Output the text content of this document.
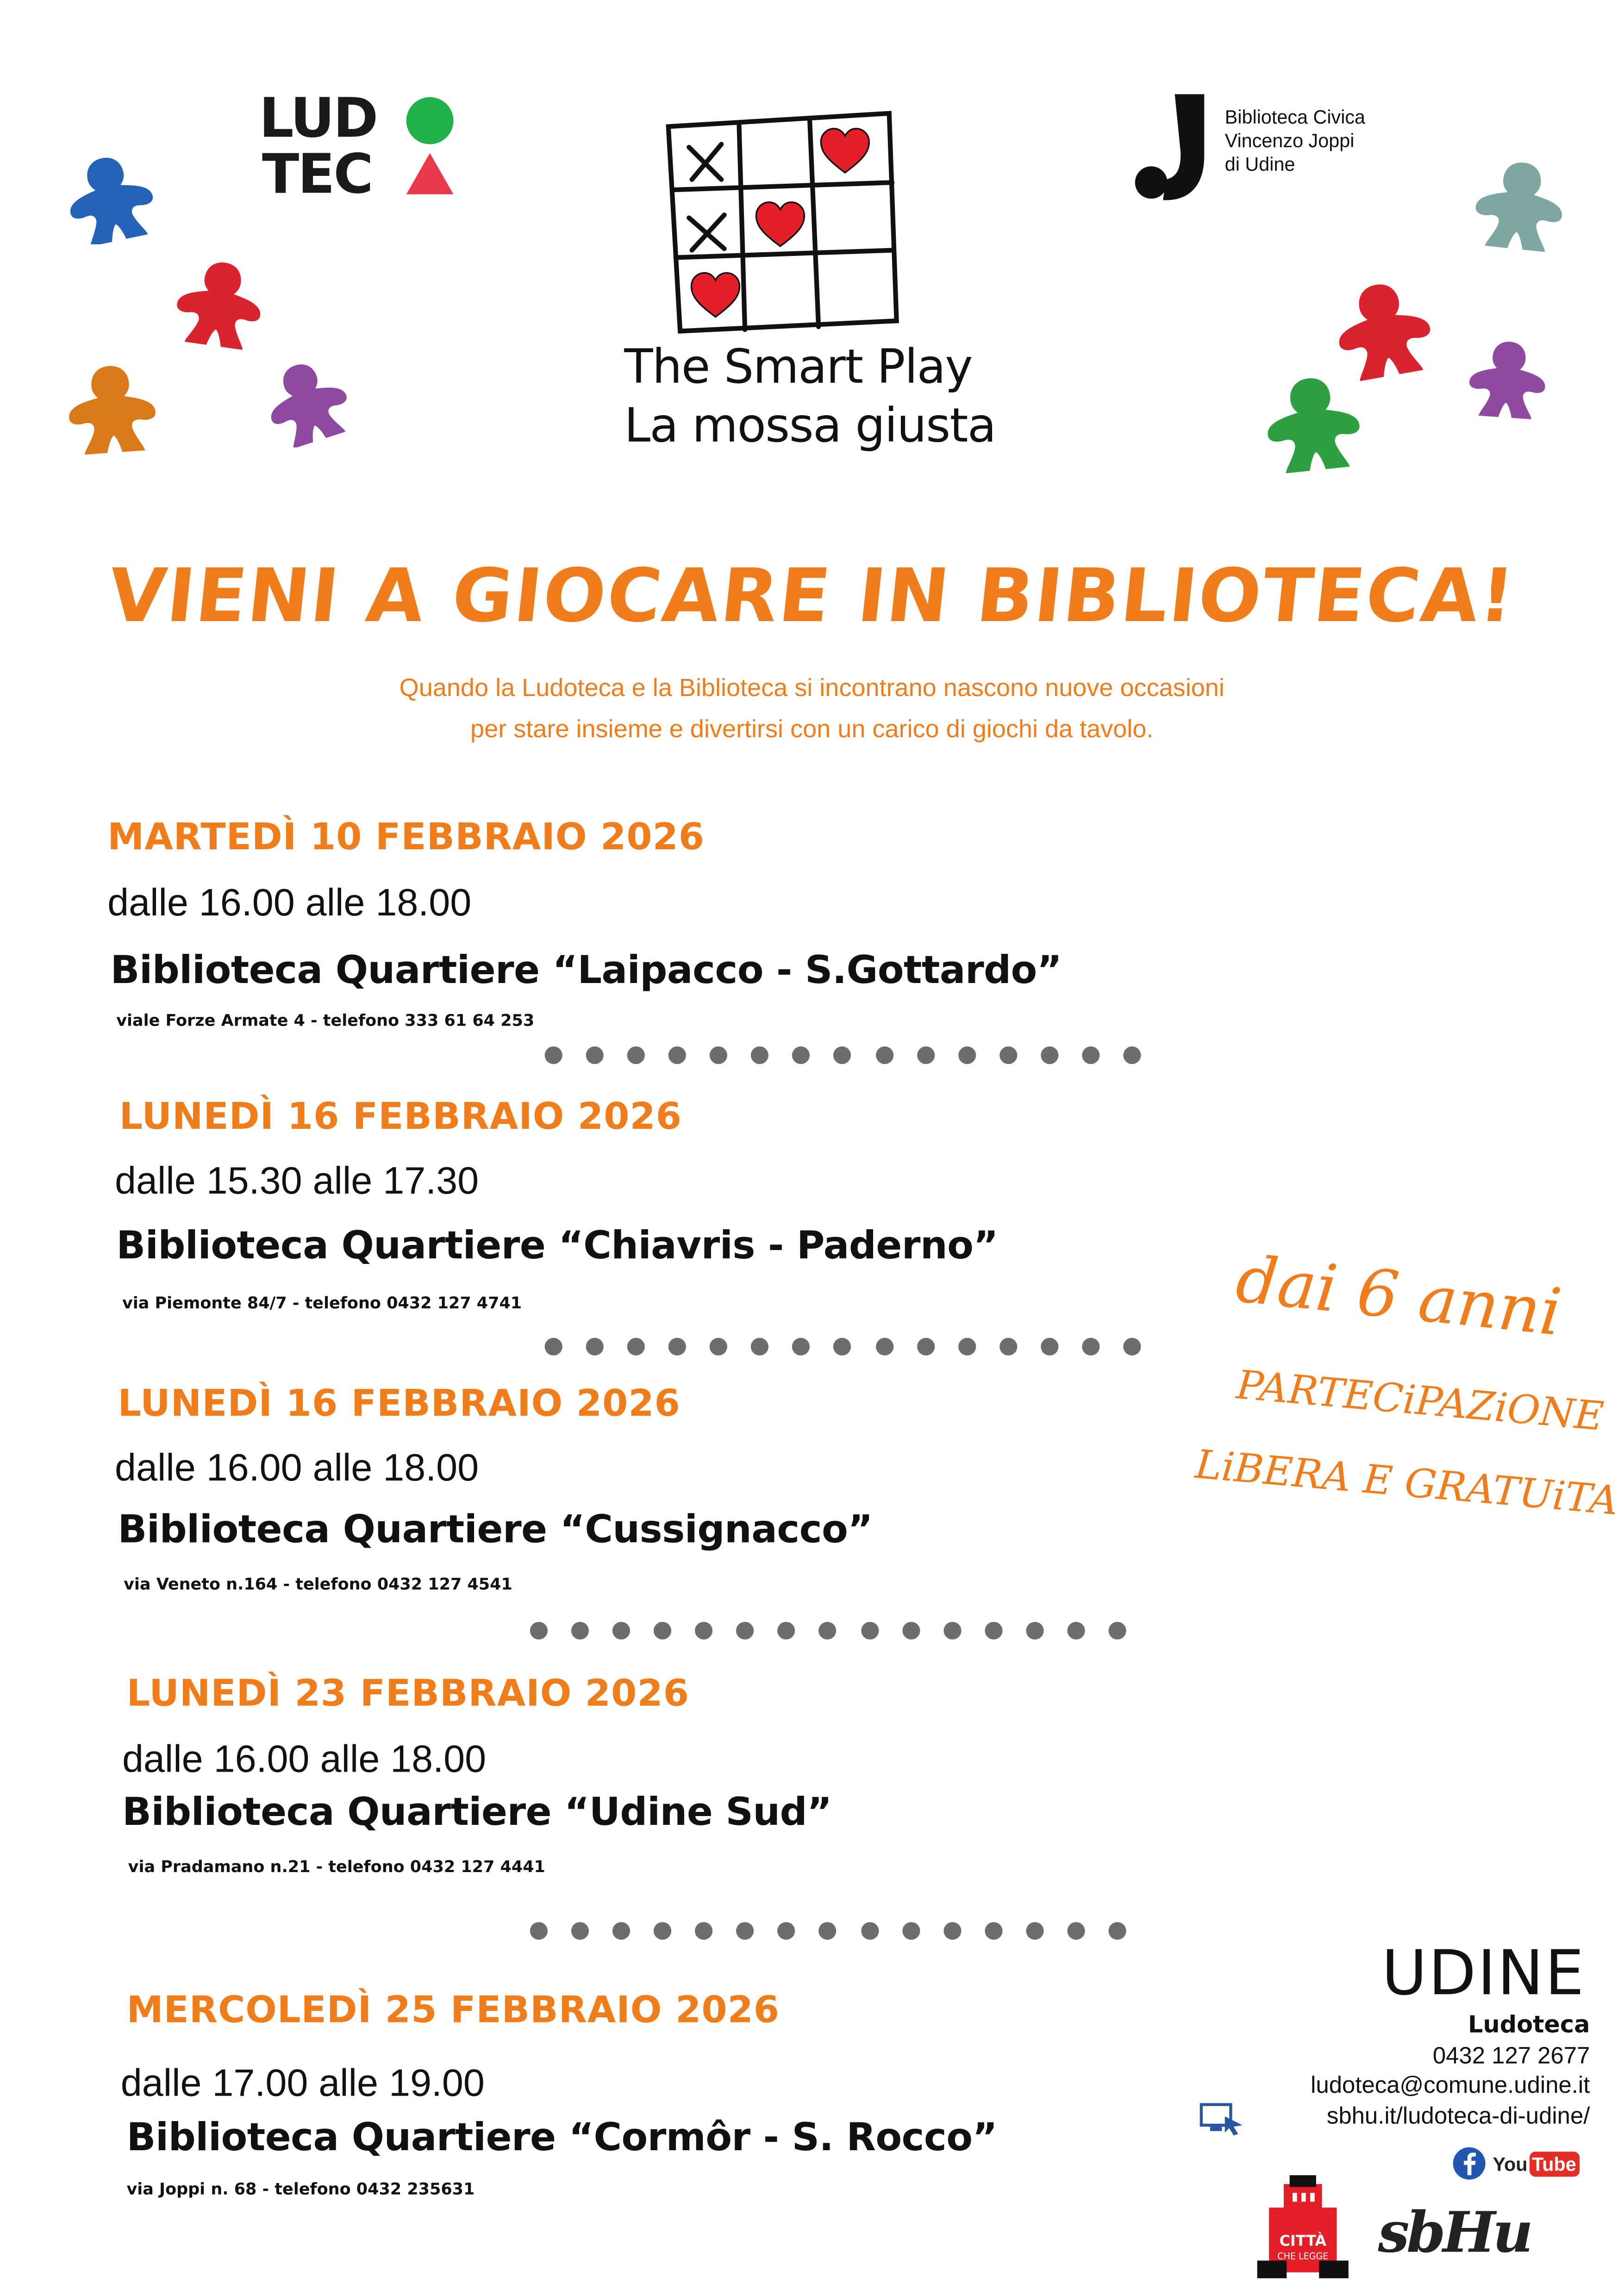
LUD
TEC
The Smart Play
La mossa giusta
Biblioteca Civica
Vincenzo Joppi
di Udine
VIENI A GIOCARE IN BIBLIOTECA!
Quando la Ludoteca e la Biblioteca si incontrano nascono nuove occasioni
per stare insieme e divertirsi con un carico di giochi da tavolo.
MARTEDÌ 10 FEBBRAIO 2026
dalle 16.00 alle 18.00
Biblioteca Quartiere “Laipacco - S.Gottardo”
viale Forze Armate 4 - telefono 333 61 64 253
LUNEDÌ 16 FEBBRAIO 2026
dalle 15.30 alle 17.30
Biblioteca Quartiere “Chiavris - Paderno”
via Piemonte 84/7 - telefono 0432 127 4741
LUNEDÌ 16 FEBBRAIO 2026
dalle 16.00 alle 18.00
Biblioteca Quartiere “Cussignacco”
via Veneto n.164 - telefono 0432 127 4541
LUNEDÌ 23 FEBBRAIO 2026
dalle 16.00 alle 18.00
Biblioteca Quartiere “Udine Sud”
via Pradamano n.21 - telefono 0432 127 4441
MERCOLEDÌ 25 FEBBRAIO 2026
dalle 17.00 alle 19.00
Biblioteca Quartiere “Cormôr - S. Rocco”
via Joppi n. 68 - telefono 0432 235631
dai 6 anni
PARTECiPAZiONE
LiBERA E GRATUiTA
UDINE
Ludoteca
0432 127 2677
ludoteca@comune.udine.it
sbhu.it/ludoteca-di-udine/
You Tube
CITTÀ
CHE LEGGE	sbHu
